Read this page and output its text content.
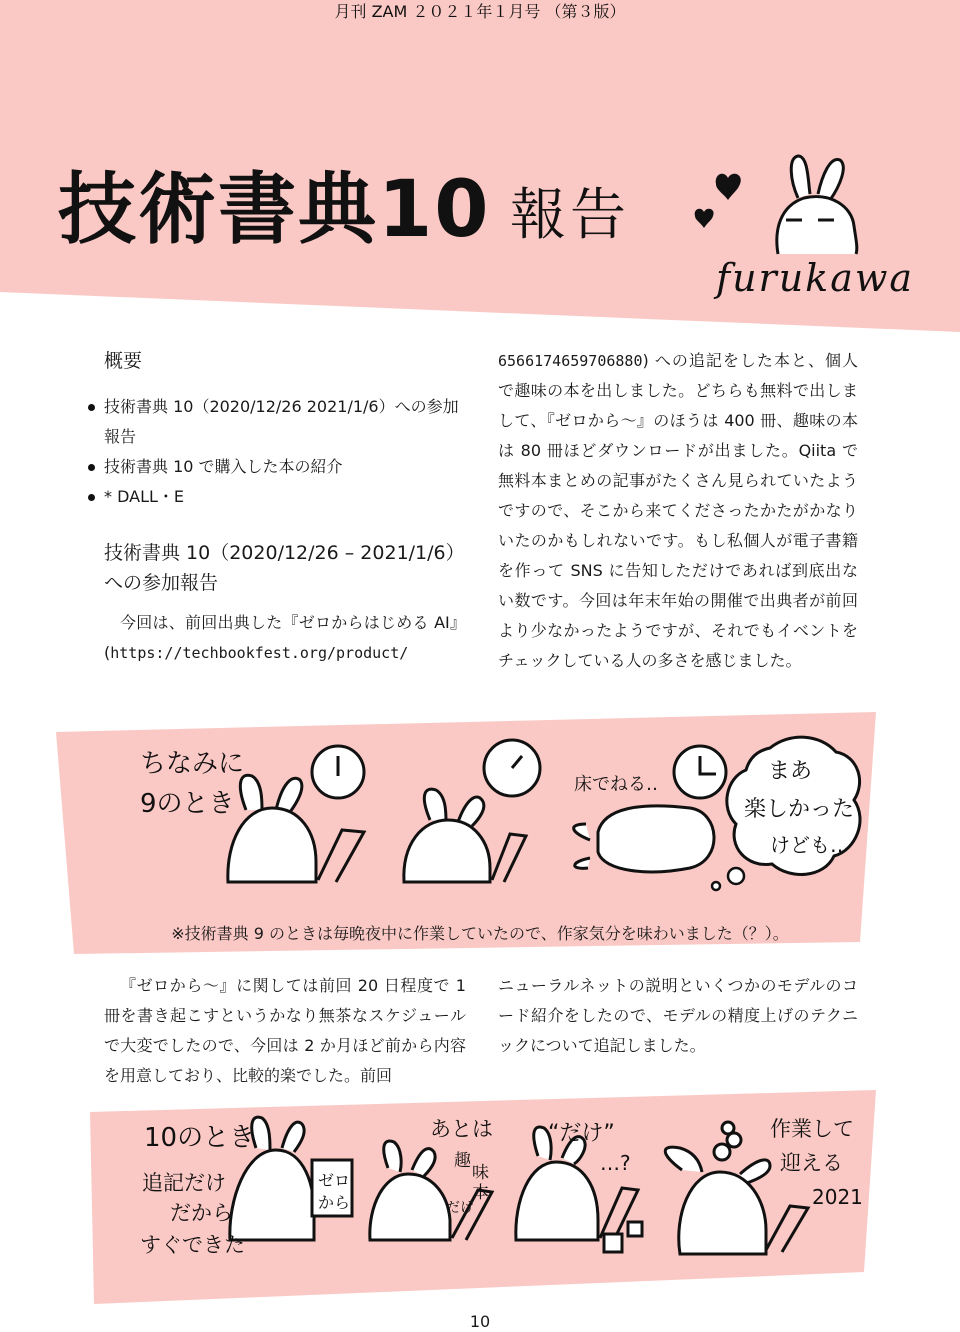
月刊 ZAM ２０２１年１月号 （第３版）
技術書典10 報告
furukawa
概要
技術書典 10（2020/12/26 2021/1/6）への参加報告
技術書典 10 で購入した本の紹介
* DALL・E
技術書典 10（2020/12/26 – 2021/1/6）への参加報告

今回は、前回出典した『ゼロからはじめる AI』(https://techbookfest.org/product/

6566174659706880) への追記をした本と、個人で趣味の本を出しました。どちらも無料で出しまして、『ゼロから～』のほうは 400 冊、趣味の本は 80 冊ほどダウンロードが出ました。Qiita で無料本まとめの記事がたくさん見られていたようですので、そこから来てくださったかたがかなりいたのかもしれないです。もし私個人が電子書籍を作って SNS に告知しただけであれば到底出ない数です。今回は年末年始の開催で出典者が前回より少なかったようですが、それでもイベントをチェックしている人の多さを感じました。

ちなみに
9のとき
床でねる‥
まあ
楽しかった
けども‥
※技術書典 9 のときは毎晩夜中に作業していたので、作家気分を味わいました（？）。

『ゼロから～』に関しては前回 20 日程度で 1 冊を書き起こすというかなり無茶なスケジュールで大変でしたので、今回は 2 か月ほど前から内容を用意しており、比較的楽でした。前回

ニューラルネットの説明といくつかのモデルのコード紹介をしたので、モデルの精度上げのテクニックについて追記しました。

10のとき
追記だけ
だから
すぐできた
ゼロ
から
あとは
趣
味
本
だけ
“だけ”
…?
作業して
迎える
2021
10
